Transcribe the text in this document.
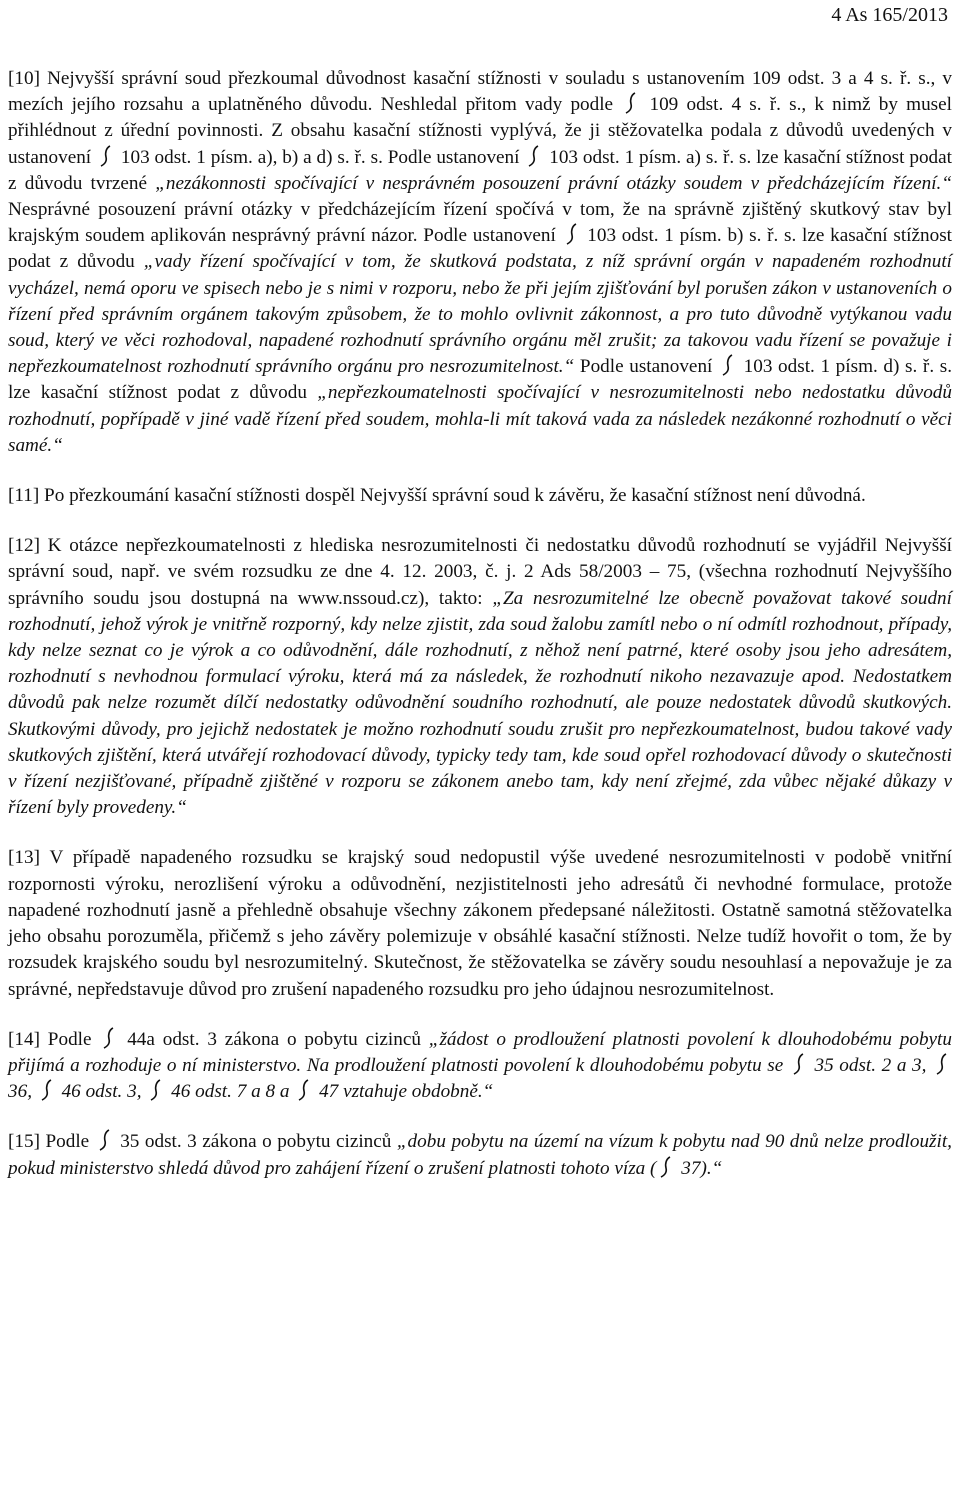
4 As 165/2013

[10] Nejvyšší správní soud přezkoumal důvodnost kasační stížnosti v souladu s ustanovením 109 odst. 3 a 4 s. ř. s., v mezích jejího rozsahu a uplatněného důvodu. Neshledal přitom vady podle
109 odst. 4 s. ř. s., k nimž by musel přihlédnout z úřední povinnosti. Z obsahu kasační stížnosti vyplývá, že ji stěžovatelka podala z důvodů uvedených v ustanovení
103 odst. 1 písm. a), b) a d) s. ř. s. Podle ustanovení
103 odst. 1 písm. a) s. ř. s. lze kasační stížnost podat z důvodu tvrzené „nezákonnosti spočívající v nesprávném posouzení právní otázky soudem v předcházejícím řízení.“ Nesprávné posouzení právní otázky v předcházejícím řízení spočívá v tom, že na správně zjištěný skutkový stav byl krajským soudem aplikován nesprávný právní názor. Podle ustanovení
103 odst. 1 písm. b) s. ř. s. lze kasační stížnost podat z důvodu „vady řízení spočívající v tom, že skutková podstata, z níž správní orgán v napadeném rozhodnutí vycházel, nemá oporu ve spisech nebo je s nimi v rozporu, nebo že při jejím zjišťování byl porušen zákon v ustanoveních o řízení před správním orgánem takovým způsobem, že to mohlo ovlivnit zákonnost, a pro tuto důvodně vytýkanou vadu soud, který ve věci rozhodoval, napadené rozhodnutí správního orgánu měl zrušit; za takovou vadu řízení se považuje i nepřezkoumatelnost rozhodnutí správního orgánu pro nesrozumitelnost.“ Podle ustanovení
103 odst. 1 písm. d) s. ř. s. lze kasační stížnost podat z důvodu „nepřezkoumatelnosti spočívající v nesrozumitelnosti nebo nedostatku důvodů rozhodnutí, popřípadě v jiné vadě řízení před soudem, mohla-li mít taková vada za následek nezákonné rozhodnutí o věci samé.“

[11] Po přezkoumání kasační stížnosti dospěl Nejvyšší správní soud k závěru, že kasační stížnost není důvodná.

[12] K otázce nepřezkoumatelnosti z hlediska nesrozumitelnosti či nedostatku důvodů rozhodnutí se vyjádřil Nejvyšší správní soud, např. ve svém rozsudku ze dne 4. 12. 2003, č. j. 2 Ads 58/2003 – 75, (všechna rozhodnutí Nejvyššího správního soudu jsou dostupná na www.nssoud.cz), takto: „Za nesrozumitelné lze obecně považovat takové soudní rozhodnutí, jehož výrok je vnitřně rozporný, kdy nelze zjistit, zda soud žalobu zamítl nebo o ní odmítl rozhodnout, případy, kdy nelze seznat co je výrok a co odůvodnění, dále rozhodnutí, z něhož není patrné, které osoby jsou jeho adresátem, rozhodnutí s nevhodnou formulací výroku, která má za následek, že rozhodnutí nikoho nezavazuje apod. Nedostatkem důvodů pak nelze rozumět dílčí nedostatky odůvodnění soudního rozhodnutí, ale pouze nedostatek důvodů skutkových. Skutkovými důvody, pro jejichž nedostatek je možno rozhodnutí soudu zrušit pro nepřezkoumatelnost, budou takové vady skutkových zjištění, která utvářejí rozhodovací důvody, typicky tedy tam, kde soud opřel rozhodovací důvody o skutečnosti v řízení nezjišťované, případně zjištěné v rozporu se zákonem anebo tam, kdy není zřejmé, zda vůbec nějaké důkazy v řízení byly provedeny.“

[13] V případě napadeného rozsudku se krajský soud nedopustil výše uvedené nesrozumitelnosti v podobě vnitřní rozpornosti výroku, nerozlišení výroku a odůvodnění, nezjistitelnosti jeho adresátů či nevhodné formulace, protože napadené rozhodnutí jasně a přehledně obsahuje všechny zákonem předepsané náležitosti. Ostatně samotná stěžovatelka jeho obsahu porozuměla, přičemž s jeho závěry polemizuje v obsáhlé kasační stížnosti. Nelze tudíž hovořit o tom, že by rozsudek krajského soudu byl nesrozumitelný. Skutečnost, že stěžovatelka se závěry soudu nesouhlasí a nepovažuje je za správné, nepředstavuje důvod pro zrušení napadeného rozsudku pro jeho údajnou nesrozumitelnost.

[14] Podle
44a odst. 3 zákona o pobytu cizinců „žádost o prodloužení platnosti povolení k dlouhodobému pobytu přijímá a rozhoduje o ní ministerstvo. Na prodloužení platnosti povolení k dlouhodobému pobytu se
35 odst. 2 a 3,
36,
46 odst. 3,
46 odst. 7 a 8 a
47 vztahuje obdobně.“

[15] Podle
35 odst. 3 zákona o pobytu cizinců „dobu pobytu na území na vízum k pobytu nad 90 dnů nelze prodloužit, pokud ministerstvo shledá důvod pro zahájení řízení o zrušení platnosti tohoto víza (
37).“
